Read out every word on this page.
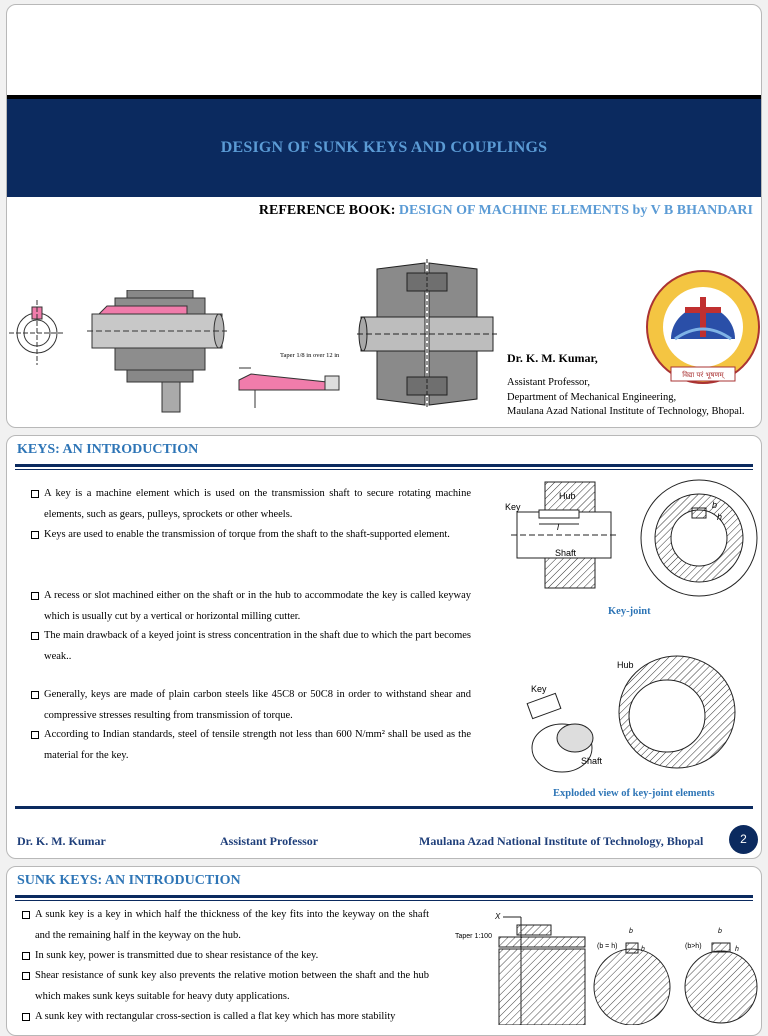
DESIGN OF SUNK KEYS AND COUPLINGS
REFERENCE BOOK: DESIGN OF MACHINE ELEMENTS by V B BHANDARI
Taper 1/8 in over 12 in
विद्या परं भूषणम्
Dr. K. M. Kumar,
Assistant Professor,
Department of Mechanical Engineering,
Maulana Azad National Institute of Technology, Bhopal.
KEYS: AN INTRODUCTION
A key is a machine element which is used on the transmission shaft to secure rotating machine elements, such as gears, pulleys, sprockets or other wheels.
Keys are used to enable the transmission of torque from the shaft to the shaft-supported element.
A recess or slot machined either on the shaft or in the hub to accommodate the key is called keyway which is usually cut by a vertical or horizontal milling cutter.
The main drawback of a keyed joint is stress concentration in the shaft due to which the part becomes weak..
Generally, keys are made of plain carbon steels like 45C8 or 50C8 in order to withstand shear and compressive stresses resulting from transmission of torque.
According to Indian standards, steel of tensile strength not less than 600 N/mm² shall be used as the material for the key.
Key
Hub
Shaft
l
b
h
Key-joint
Key
Hub
Shaft
Exploded view of key-joint elements
Dr. K. M. Kumar	Assistant Professor	Maulana Azad National Institute of Technology, Bhopal	2
SUNK KEYS: AN INTRODUCTION
A sunk key is a key in which half the thickness of the key fits into the keyway on the shaft and the remaining half in the keyway on the hub.
In sunk key, power is transmitted due to shear resistance of the key.
Shear resistance of sunk key also prevents the relative motion between the shaft and the hub which makes sunk keys suitable for heavy duty applications.
A sunk key with rectangular cross-section is called a flat key which has more stability
X
Taper 1:100
(b = h)	(b>h)
b	b
h	h
